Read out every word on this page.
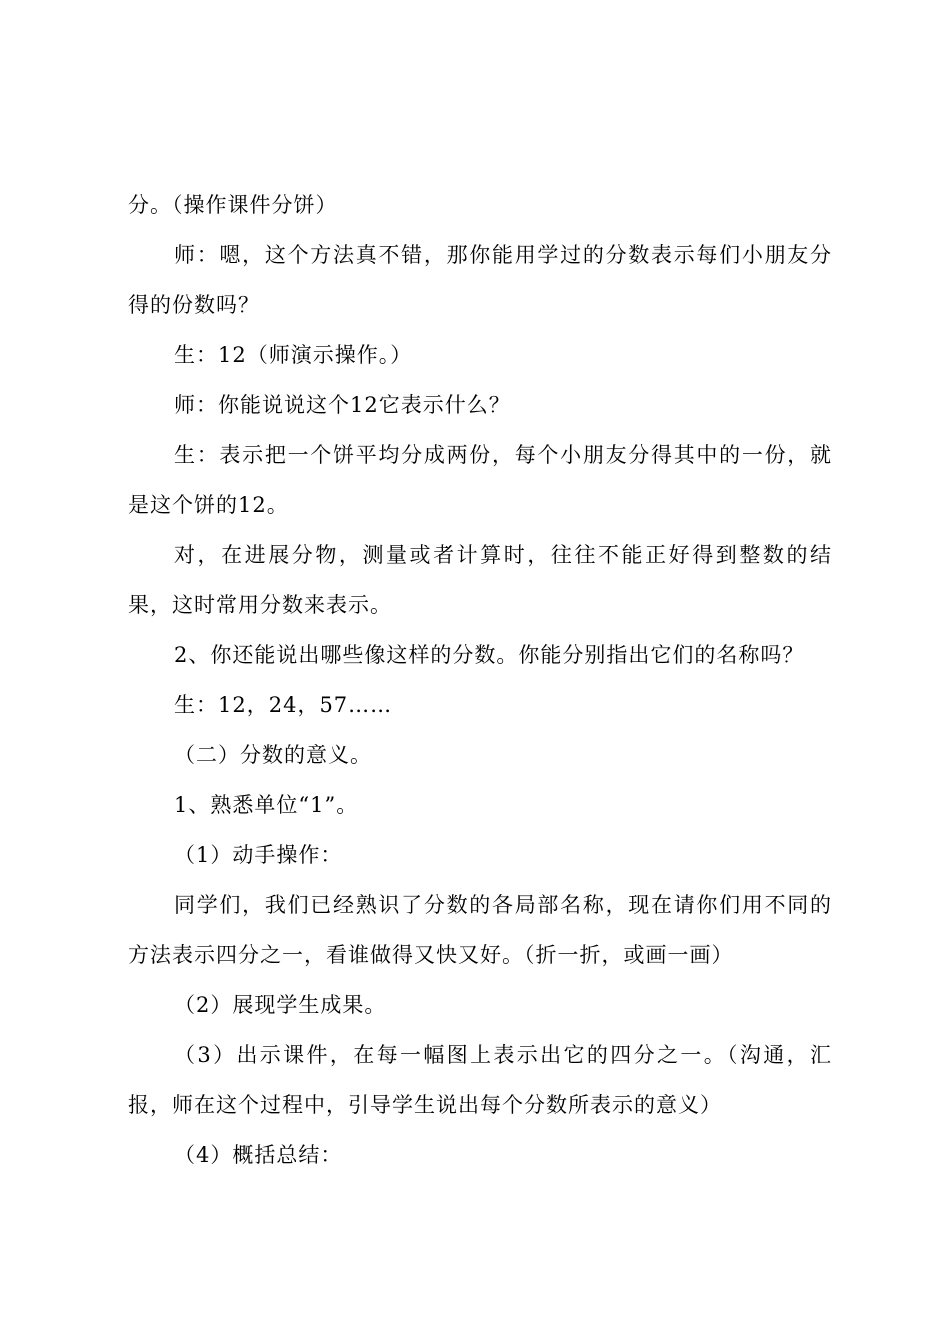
分。（操作课件分饼）
师：嗯，这个方法真不错，那你能用学过的分数表示每们小朋友分
得的份数吗？
生：12（师演示操作。）
师：你能说说这个12它表示什么？
生：表示把一个饼平均分成两份，每个小朋友分得其中的一份，就
是这个饼的12。
对，在进展分物，测量或者计算时，往往不能正好得到整数的结
果，这时常用分数来表示。
2、你还能说出哪些像这样的分数。你能分别指出它们的名称吗？
生：12，24，57……
（二）分数的意义。
1、熟悉单位“1”。
（1）动手操作：
同学们，我们已经熟识了分数的各局部名称，现在请你们用不同的
方法表示四分之一，看谁做得又快又好。（折一折，或画一画）
（2）展现学生成果。
（3）出示课件，在每一幅图上表示出它的四分之一。（沟通，汇
报，师在这个过程中，引导学生说出每个分数所表示的意义）
（4）概括总结：
